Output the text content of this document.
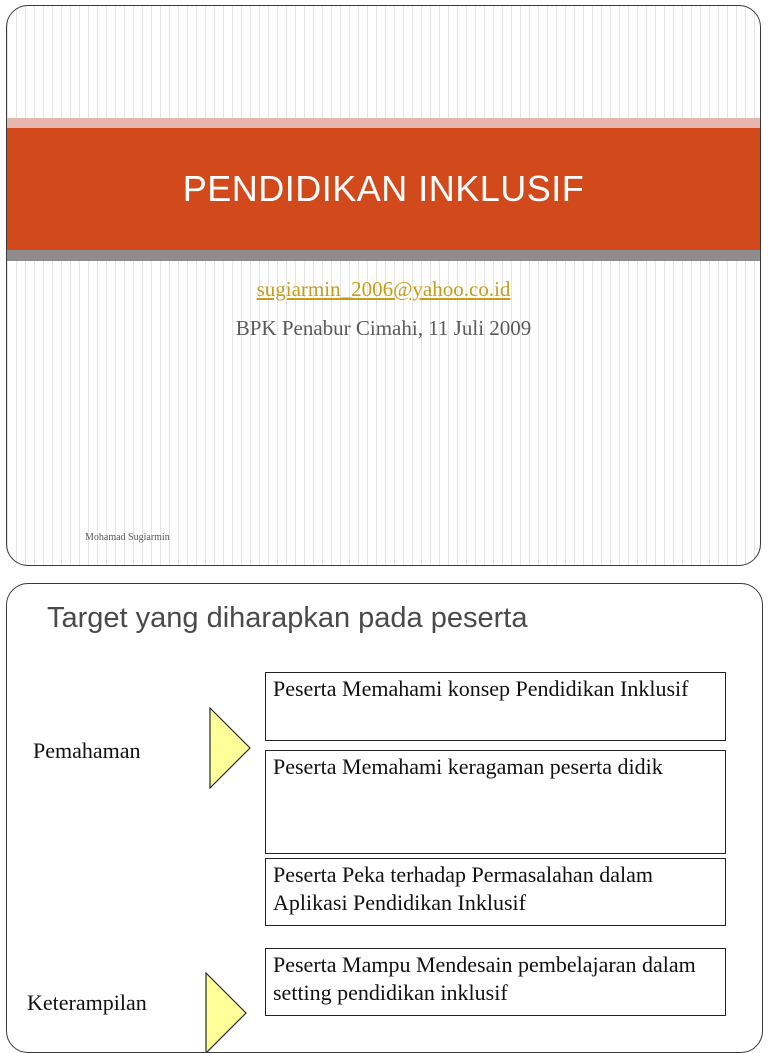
PENDIDIKAN INKLUSIF
sugiarmin_2006@yahoo.co.id
BPK Penabur Cimahi, 11 Juli 2009
Mohamad Sugiarmin
Target yang diharapkan pada peserta
Pemahaman
Peserta Memahami konsep Pendidikan Inklusif
Peserta Memahami keragaman peserta didik
Peserta Peka terhadap Permasalahan dalam Aplikasi Pendidikan Inklusif
Keterampilan
Peserta Mampu Mendesain pembelajaran dalam setting pendidikan inklusif
